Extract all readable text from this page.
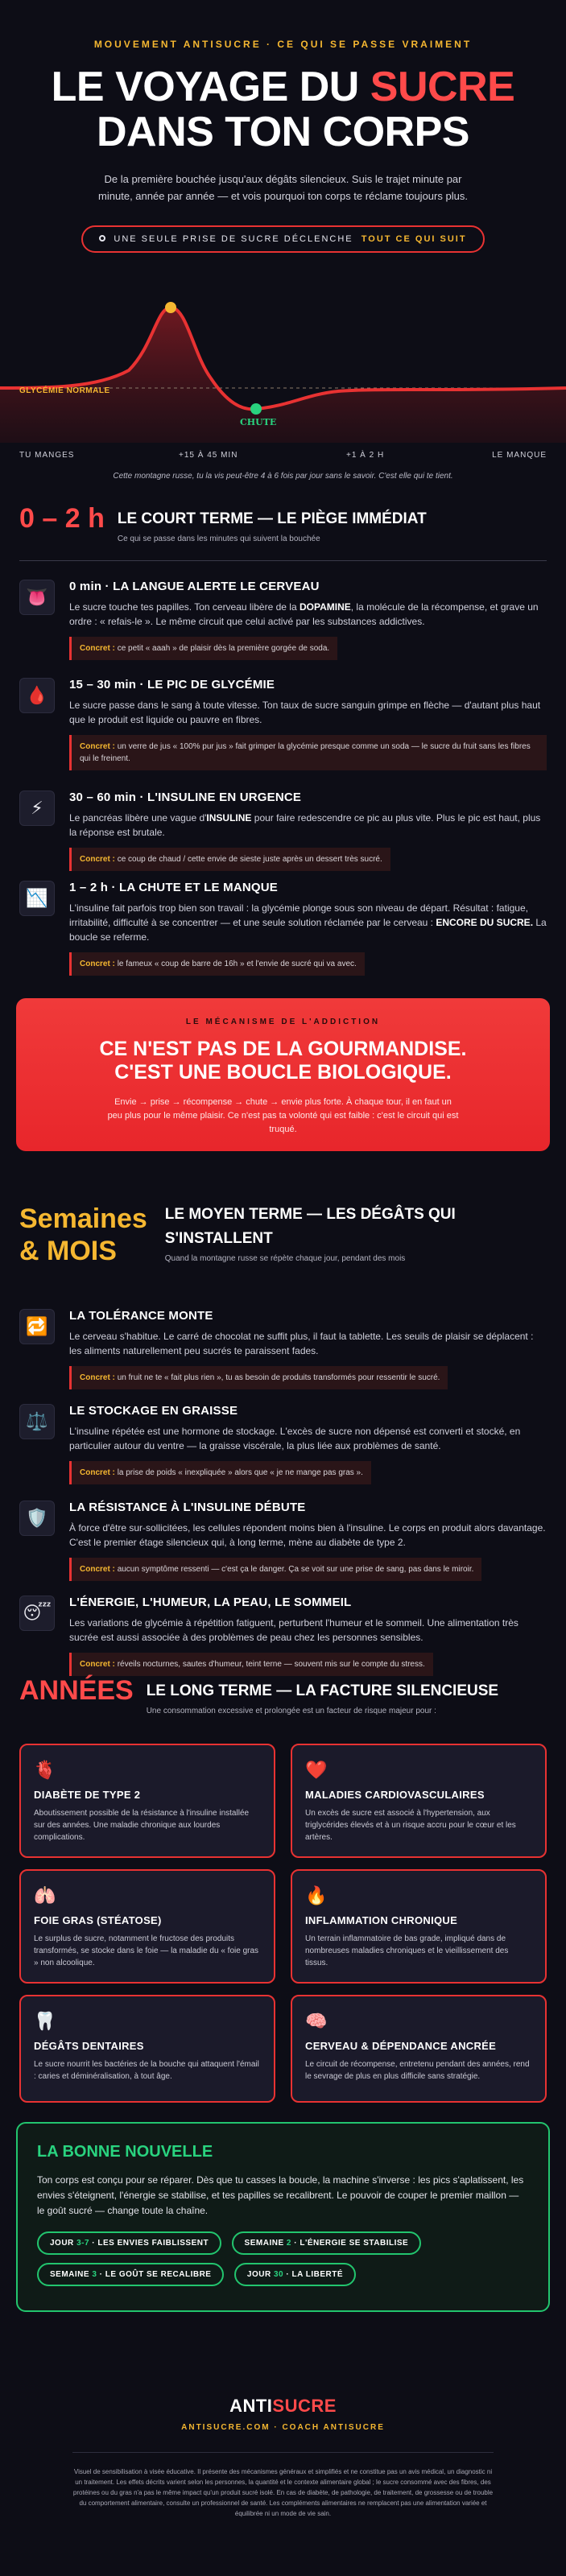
MOUVEMENT ANTISUCRE · CE QUI SE PASSE VRAIMENT
LE VOYAGE DU SUCRE
DANS TON CORPS
De la première bouchée jusqu'aux dégâts silencieux. Suis le trajet minute par minute, année par année — et vois pourquoi ton corps te réclame toujours plus.
UNE SEULE PRISE DE SUCRE DÉCLENCHE TOUT CE QUI SUIT
GLYCÉMIE NORMALE
CHUTE
TU MANGES	+15 À 45 MIN	+1 À 2 H	LE MANQUE
Cette montagne russe, tu la vis peut-être 4 à 6 fois par jour sans le savoir. C'est elle qui te tient.
0 – 2 h LE COURT TERME — LE PIÈGE IMMÉDIAT
Ce qui se passe dans les minutes qui suivent la bouchée
👅
0 min · LA LANGUE ALERTE LE CERVEAU
Le sucre touche tes papilles. Ton cerveau libère de la DOPAMINE, la molécule de la récompense, et grave un ordre : « refais-le ». Le même circuit que celui activé par les substances addictives.
Concret : ce petit « aaah » de plaisir dès la première gorgée de soda.
🩸
15 – 30 min · LE PIC DE GLYCÉMIE
Le sucre passe dans le sang à toute vitesse. Ton taux de sucre sanguin grimpe en flèche — d'autant plus haut que le produit est liquide ou pauvre en fibres.
Concret : un verre de jus « 100% pur jus » fait grimper la glycémie presque comme un soda — le sucre du fruit sans les fibres qui le freinent.
⚡
30 – 60 min · L'INSULINE EN URGENCE
Le pancréas libère une vague d'INSULINE pour faire redescendre ce pic au plus vite. Plus le pic est haut, plus la réponse est brutale.
Concret : ce coup de chaud / cette envie de sieste juste après un dessert très sucré.
📉
1 – 2 h · LA CHUTE ET LE MANQUE
L'insuline fait parfois trop bien son travail : la glycémie plonge sous son niveau de départ. Résultat : fatigue, irritabilité, difficulté à se concentrer — et une seule solution réclamée par le cerveau : ENCORE DU SUCRE. La boucle se referme.
Concret : le fameux « coup de barre de 16h » et l'envie de sucré qui va avec.
LE MÉCANISME DE L'ADDICTION
CE N'EST PAS DE LA GOURMANDISE.
C'EST UNE BOUCLE BIOLOGIQUE.
Envie → prise → récompense → chute → envie plus forte. À chaque tour, il en faut un peu plus pour le même plaisir. Ce n'est pas ta volonté qui est faible : c'est le circuit qui est truqué.
Semaines
& MOIS
LE MOYEN TERME — LES DÉGÂTS QUI S'INSTALLENT
Quand la montagne russe se répète chaque jour, pendant des mois
🔁
LA TOLÉRANCE MONTE
Le cerveau s'habitue. Le carré de chocolat ne suffit plus, il faut la tablette. Les seuils de plaisir se déplacent : les aliments naturellement peu sucrés te paraissent fades.
Concret : un fruit ne te « fait plus rien », tu as besoin de produits transformés pour ressentir le sucré.
⚖️
LE STOCKAGE EN GRAISSE
L'insuline répétée est une hormone de stockage. L'excès de sucre non dépensé est converti et stocké, en particulier autour du ventre — la graisse viscérale, la plus liée aux problèmes de santé.
Concret : la prise de poids « inexpliquée » alors que « je ne mange pas gras ».
🛡️
LA RÉSISTANCE À L'INSULINE DÉBUTE
À force d'être sur-sollicitées, les cellules répondent moins bien à l'insuline. Le corps en produit alors davantage. C'est le premier étage silencieux qui, à long terme, mène au diabète de type 2.
Concret : aucun symptôme ressenti — c'est ça le danger. Ça se voit sur une prise de sang, pas dans le miroir.
😴
L'ÉNERGIE, L'HUMEUR, LA PEAU, LE SOMMEIL
Les variations de glycémie à répétition fatiguent, perturbent l'humeur et le sommeil. Une alimentation très sucrée est aussi associée à des problèmes de peau chez les personnes sensibles.
Concret : réveils nocturnes, sautes d'humeur, teint terne — souvent mis sur le compte du stress.
ANNÉES LE LONG TERME — LA FACTURE SILENCIEUSE
Une consommation excessive et prolongée est un facteur de risque majeur pour :
🫀
DIABÈTE DE TYPE 2
Aboutissement possible de la résistance à l'insuline installée sur des années. Une maladie chronique aux lourdes complications.
❤️
MALADIES CARDIOVASCULAIRES
Un excès de sucre est associé à l'hypertension, aux triglycérides élevés et à un risque accru pour le cœur et les artères.
🫁
FOIE GRAS (STÉATOSE)
Le surplus de sucre, notamment le fructose des produits transformés, se stocke dans le foie — la maladie du « foie gras » non alcoolique.
🔥
INFLAMMATION CHRONIQUE
Un terrain inflammatoire de bas grade, impliqué dans de nombreuses maladies chroniques et le vieillissement des tissus.
🦷
DÉGÂTS DENTAIRES
Le sucre nourrit les bactéries de la bouche qui attaquent l'émail : caries et déminéralisation, à tout âge.
🧠
CERVEAU & DÉPENDANCE ANCRÉE
Le circuit de récompense, entretenu pendant des années, rend le sevrage de plus en plus difficile sans stratégie.
LA BONNE NOUVELLE
Ton corps est conçu pour se réparer. Dès que tu casses la boucle, la machine s'inverse : les pics s'aplatissent, les envies s'éteignent, l'énergie se stabilise, et tes papilles se recalibrent. Le pouvoir de couper le premier maillon — le goût sucré — change toute la chaîne.
JOUR 3-7 · LES ENVIES FAIBLISSENT	SEMAINE 2 · L'ÉNERGIE SE STABILISE SEMAINE 3 · LE GOÛT SE RECALIBRE	JOUR 30 · LA LIBERTÉ
ANTISUCRE
ANTISUCRE.COM · COACH ANTISUCRE
Visuel de sensibilisation à visée éducative. Il présente des mécanismes généraux et simplifiés et ne constitue pas un avis médical, un diagnostic ni un traitement. Les effets décrits varient selon les personnes, la quantité et le contexte alimentaire global ; le sucre consommé avec des fibres, des protéines ou du gras n'a pas le même impact qu'un produit sucré isolé. En cas de diabète, de pathologie, de traitement, de grossesse ou de trouble du comportement alimentaire, consulte un professionnel de santé. Les compléments alimentaires ne remplacent pas une alimentation variée et équilibrée ni un mode de vie sain.
